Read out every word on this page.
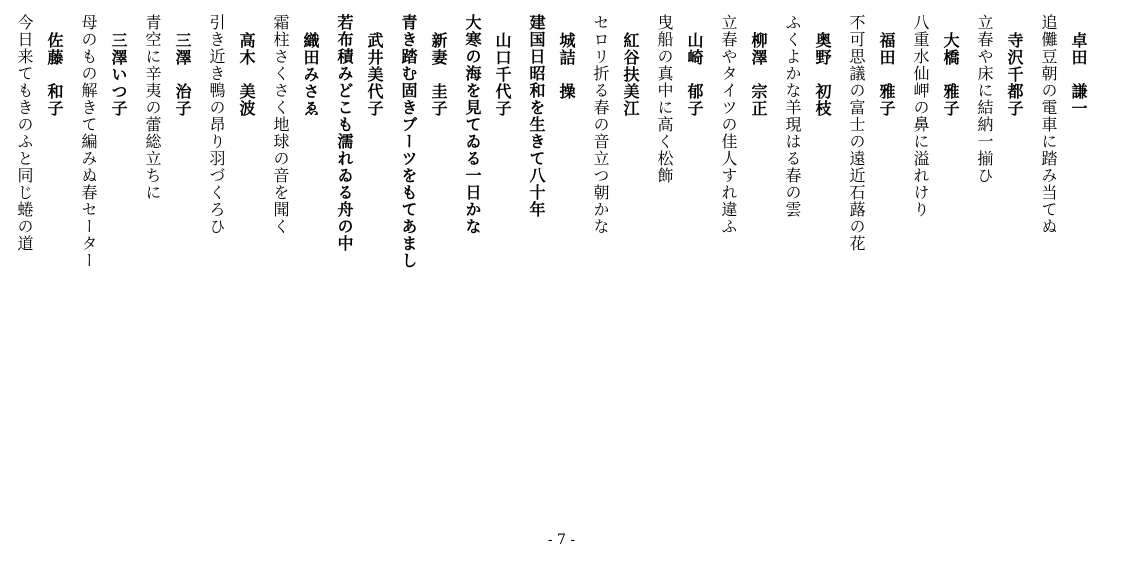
卓田　謙一
追儺豆朝の電車に踏み当てぬ
寺沢千都子
立春や床に結納一揃ひ
大橋　雅子
八重水仙岬の鼻に溢れけり
福田　雅子
不可思議の富士の遠近石蕗の花
奥野　初枝
ふくよかな羊現はる春の雲
柳澤　宗正
立春やタイツの佳人すれ違ふ
山崎　郁子
曳船の真中に高く松飾
紅谷扶美江
セロリ折る春の音立つ朝かな
城詰　操
建国日昭和を生きて八十年
山口千代子
大寒の海を見てゐる一日かな
新妻　圭子
青き踏む固きブーツをもてあまし
武井美代子
若布積みどこも濡れゐる舟の中
織田みさゑ
霜柱さくさく地球の音を聞く
高木　美波
引き近き鴨の昂り羽づくろひ
三澤　治子
青空に辛夷の蕾総立ちに
三澤いつ子
母のもの解きて編みぬ春セーター
佐藤　和子
今日来てもきのふと同じ蜷の道
- 7 -
